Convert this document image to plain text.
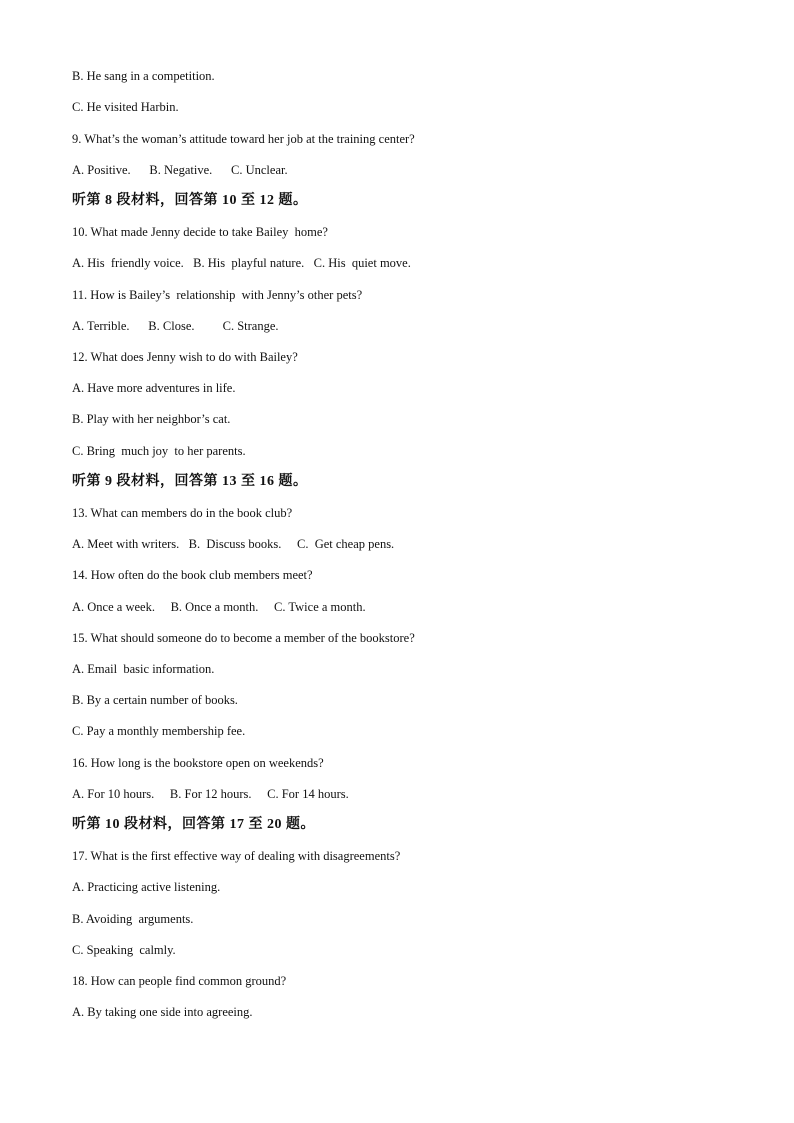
B. He sang in a competition.
C. He visited Harbin.
9. What’s the woman’s attitude toward her job at the training center?
A. Positive.      B. Negative.      C. Unclear.
听第 8 段材料，回答第 10 至 12 题。
10. What made Jenny decide to take Bailey  home?
A. His  friendly voice.   B. His  playful nature.   C. His  quiet move.
11. How is Bailey’s  relationship  with Jenny’s other pets?
A. Terrible.      B. Close.         C. Strange.
12. What does Jenny wish to do with Bailey?
A. Have more adventures in life.
B. Play with her neighbor’s cat.
C. Bring  much joy  to her parents.
听第 9 段材料，回答第 13 至 16 题。
13. What can members do in the book club?
A. Meet with writers.   B.  Discuss books.     C.  Get cheap pens.
14. How often do the book club members meet?
A. Once a week.     B. Once a month.     C. Twice a month.
15. What should someone do to become a member of the bookstore?
A. Email  basic information.
B. By a certain number of books.
C. Pay a monthly membership fee.
16. How long is the bookstore open on weekends?
A. For 10 hours.     B. For 12 hours.     C. For 14 hours.
听第 10 段材料，回答第 17 至 20 题。
17. What is the first effective way of dealing with disagreements?
A. Practicing active listening.
B. Avoiding  arguments.
C. Speaking  calmly.
18. How can people find common ground?
A. By taking one side into agreeing.
